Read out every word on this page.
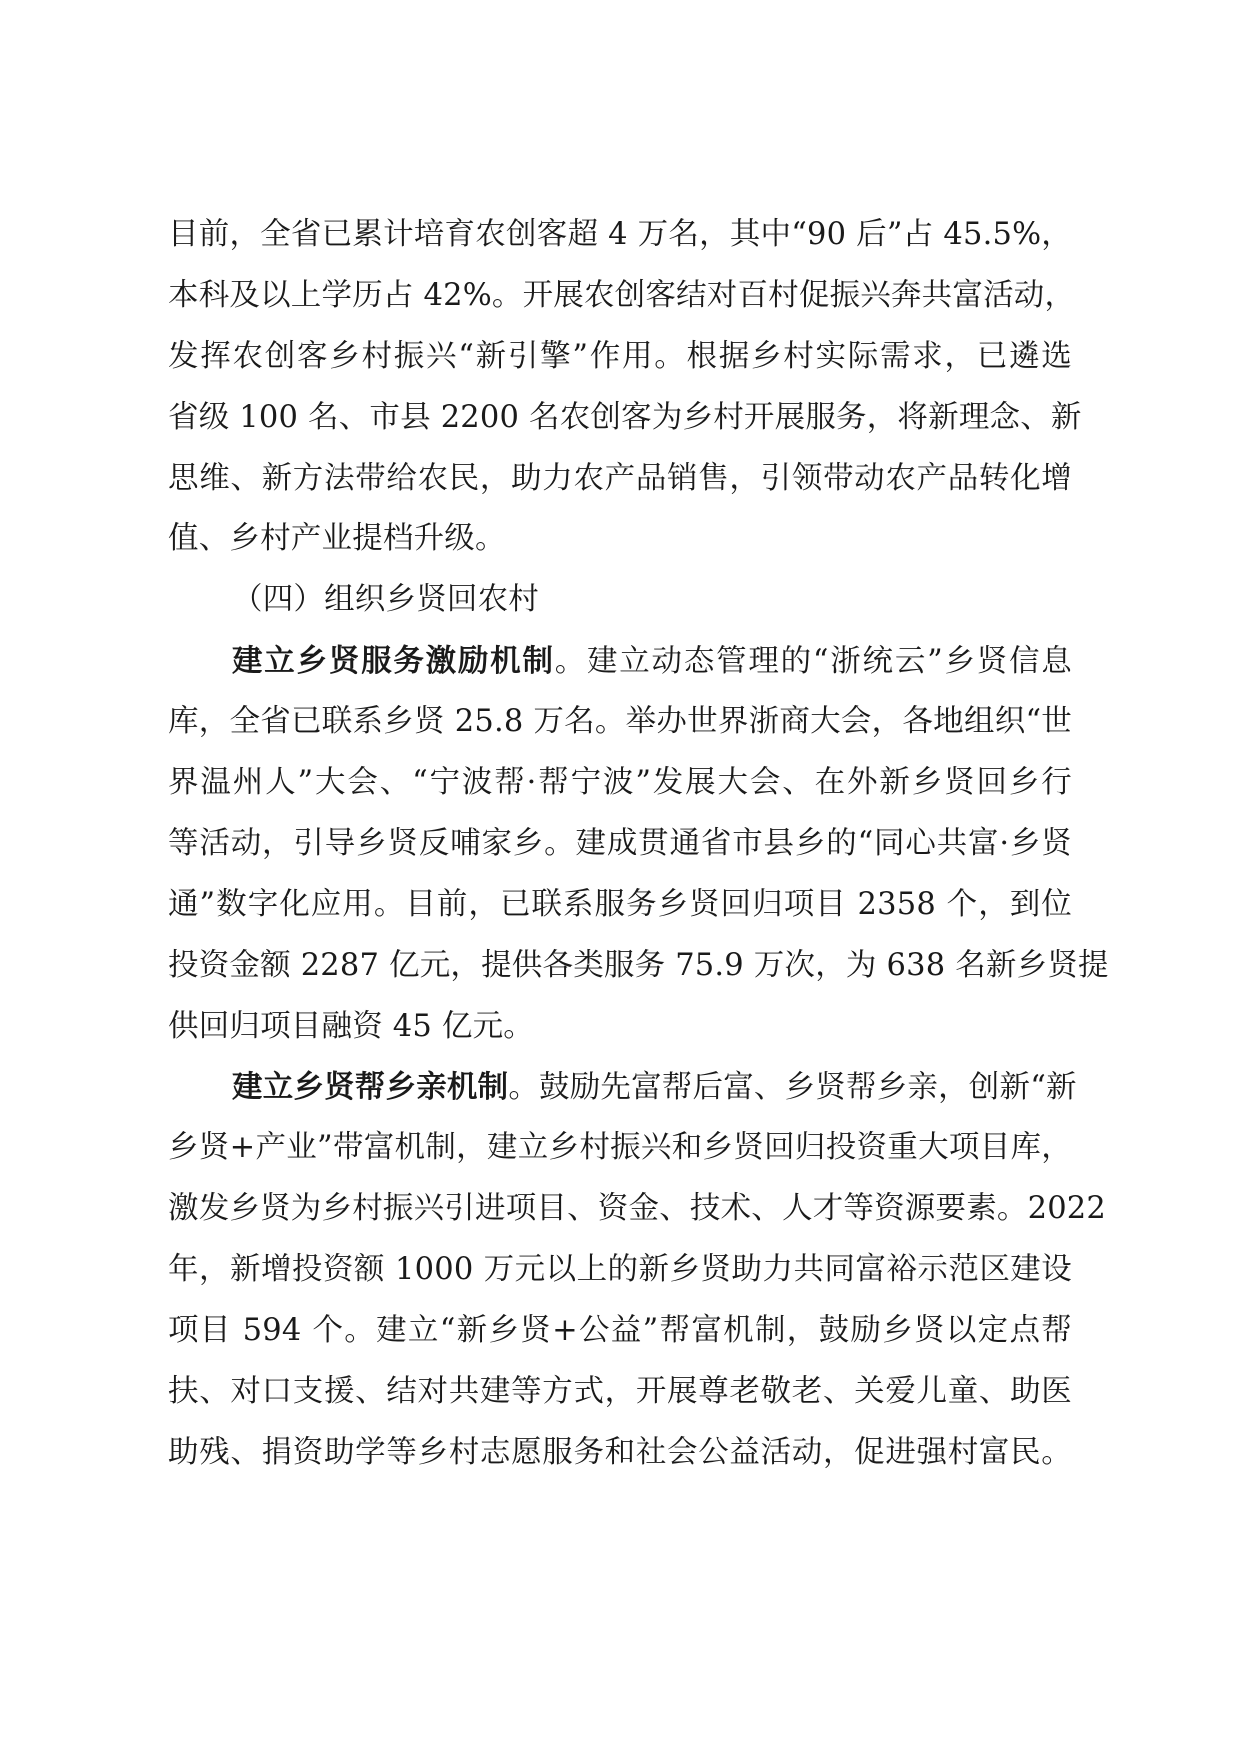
目前，全省已累计培育农创客超 4 万名，其中“90 后”占 45.5%，
本科及以上学历占 42%。开展农创客结对百村促振兴奔共富活动，
发挥农创客乡村振兴“新引擎”作用。根据乡村实际需求，已遴选
省级 100 名、市县 2200 名农创客为乡村开展服务，将新理念、新
思维、新方法带给农民，助力农产品销售，引领带动农产品转化增
值、乡村产业提档升级。
（四）组织乡贤回农村
建立乡贤服务激励机制。建立动态管理的“浙统云”乡贤信息
库，全省已联系乡贤 25.8 万名。举办世界浙商大会，各地组织“世
界温州人”大会、“宁波帮·帮宁波”发展大会、在外新乡贤回乡行
等活动，引导乡贤反哺家乡。建成贯通省市县乡的“同心共富·乡贤
通”数字化应用。目前，已联系服务乡贤回归项目 2358 个，到位
投资金额 2287 亿元，提供各类服务 75.9 万次，为 638 名新乡贤提
供回归项目融资 45 亿元。
建立乡贤帮乡亲机制。鼓励先富帮后富、乡贤帮乡亲，创新“新
乡贤+产业”带富机制，建立乡村振兴和乡贤回归投资重大项目库，
激发乡贤为乡村振兴引进项目、资金、技术、人才等资源要素。2022
年，新增投资额 1000 万元以上的新乡贤助力共同富裕示范区建设
项目 594 个。建立“新乡贤+公益”帮富机制，鼓励乡贤以定点帮
扶、对口支援、结对共建等方式，开展尊老敬老、关爱儿童、助医
助残、捐资助学等乡村志愿服务和社会公益活动，促进强村富民。
